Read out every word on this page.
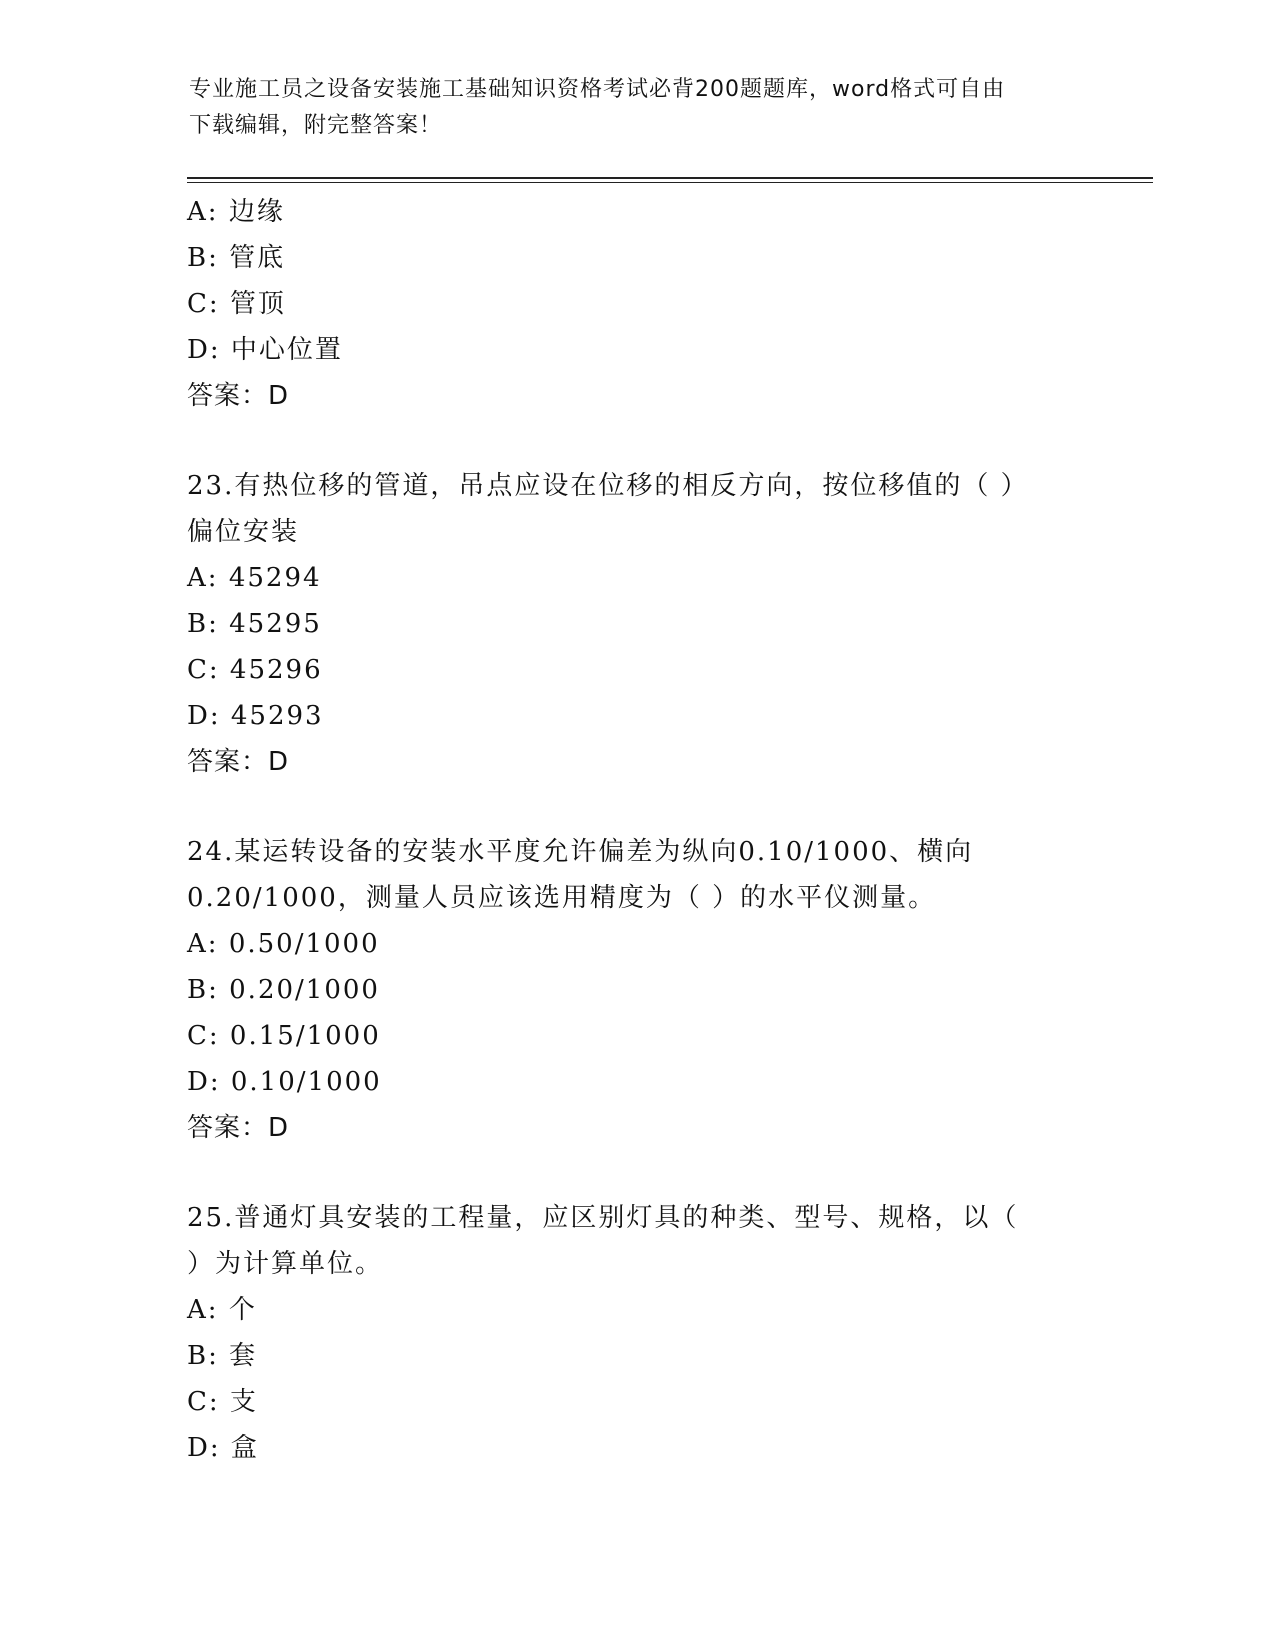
专业施工员之设备安装施工基础知识资格考试必背200题题库，word格式可自由
下载编辑，附完整答案！
A: 边缘
B: 管底
C: 管顶
D: 中心位置
答案：D
23.有热位移的管道，吊点应设在位移的相反方向，按位移值的（ ）
偏位安装
A: 45294
B: 45295
C: 45296
D: 45293
答案：D
24.某运转设备的安装水平度允许偏差为纵向0.10/1000、横向
0.20/1000，测量人员应该选用精度为（ ）的水平仪测量。
A: 0.50/1000
B: 0.20/1000
C: 0.15/1000
D: 0.10/1000
答案：D
25.普通灯具安装的工程量，应区别灯具的种类、型号、规格，以（
）为计算单位。
A: 个
B: 套
C: 支
D: 盒
